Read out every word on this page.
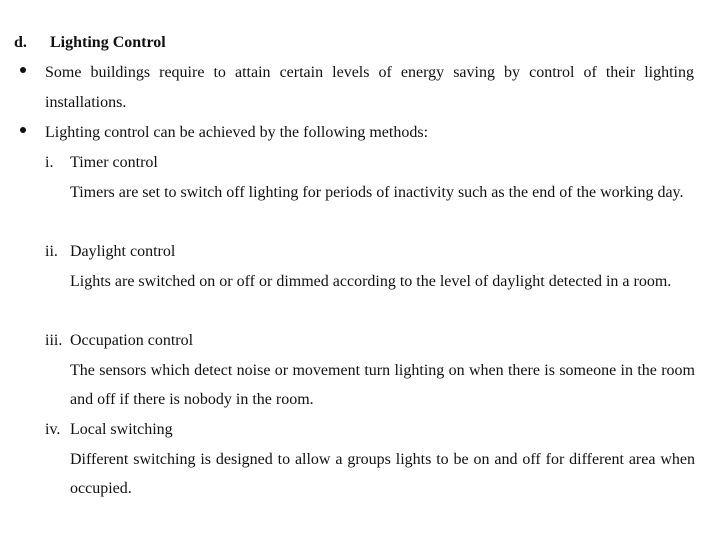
d. Lighting Control
Some buildings require to attain certain levels of energy saving by control of their lighting installations.
Lighting control can be achieved by the following methods:
i. Timer control
Timers are set to switch off lighting for periods of inactivity such as the end of the working day.
ii. Daylight control
Lights are switched on or off or dimmed according to the level of daylight detected in a room.
iii. Occupation control
The sensors which detect noise or movement turn lighting on when there is someone in the room and off if there is nobody in the room.
iv. Local switching
Different switching is designed to allow a groups lights to be on and off for different area when occupied.
